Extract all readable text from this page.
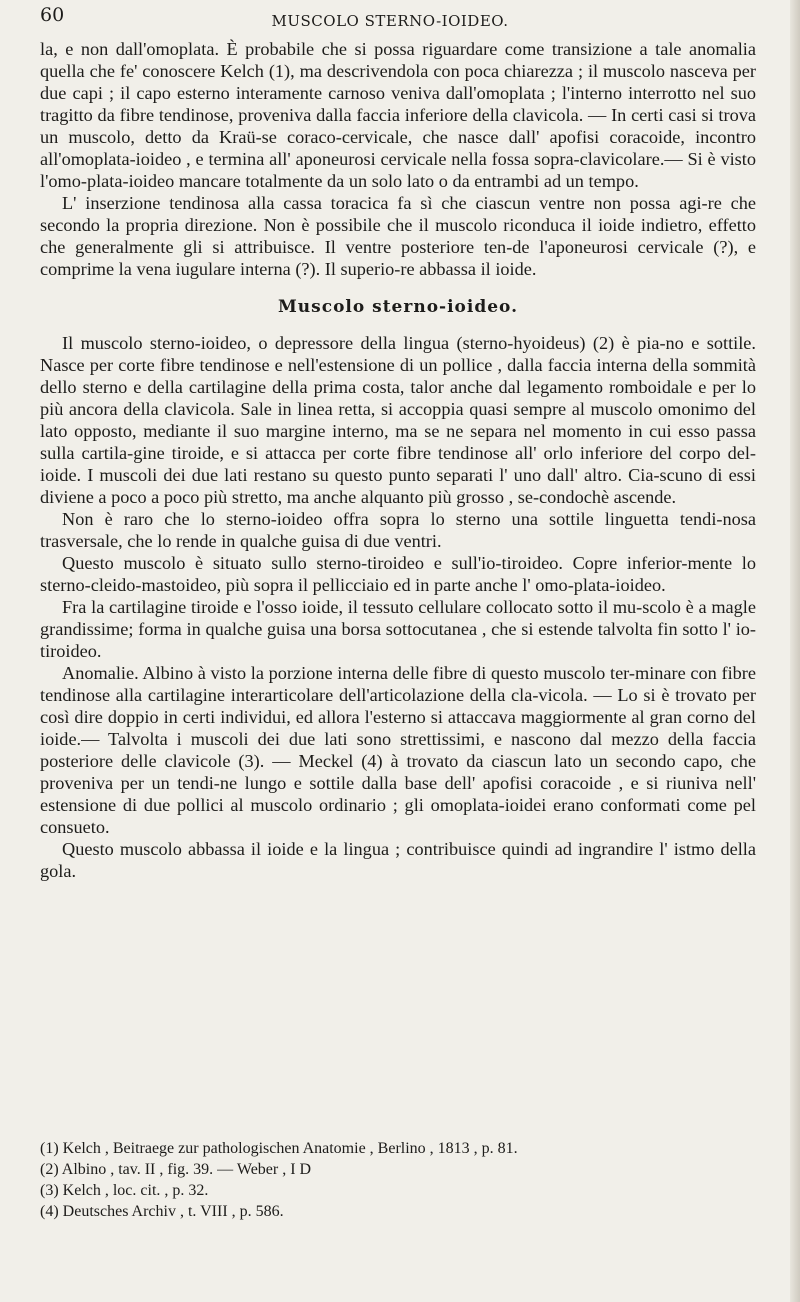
60	MUSCOLO STERNO-IOIDEO.

la, e non dall'omoplata. È probabile che si possa riguardare come transizione a tale anomalia quella che fe' conoscere Kelch (1), ma descrivendola con poca chiarezza ; il muscolo nasceva per due capi ; il capo esterno interamente carnoso veniva dall'omoplata ; l'interno interrotto nel suo tragitto da fibre tendinose, proveniva dalla faccia inferiore della clavicola. — In certi casi si trova un muscolo, detto da Kraü-se coraco-cervicale, che nasce dall' apofisi coracoide, incontro all'omoplata-ioideo , e termina all' aponeurosi cervicale nella fossa sopra-clavicolare.— Si è visto l'omo-plata-ioideo mancare totalmente da un solo lato o da entrambi ad un tempo.

L' inserzione tendinosa alla cassa toracica fa sì che ciascun ventre non possa agi-re che secondo la propria direzione. Non è possibile che il muscolo riconduca il ioide indietro, effetto che generalmente gli si attribuisce. Il ventre posteriore ten-de l'aponeurosi cervicale (?), e comprime la vena iugulare interna (?). Il superio-re abbassa il ioide.

Muscolo sterno-ioideo.

Il muscolo sterno-ioideo, o depressore della lingua (sterno-hyoideus) (2) è pia-no e sottile. Nasce per corte fibre tendinose e nell'estensione di un pollice , dalla faccia interna della sommità dello sterno e della cartilagine della prima costa, talor anche dal legamento romboidale e per lo più ancora della clavicola. Sale in linea retta, si accoppia quasi sempre al muscolo omonimo del lato opposto, mediante il suo margine interno, ma se ne separa nel momento in cui esso passa sulla cartila-gine tiroide, e si attacca per corte fibre tendinose all' orlo inferiore del corpo del-ioide. I muscoli dei due lati restano su questo punto separati l' uno dall' altro. Cia-scuno di essi diviene a poco a poco più stretto, ma anche alquanto più grosso , se-condochè ascende.

Non è raro che lo sterno-ioideo offra sopra lo sterno una sottile linguetta tendi-nosa trasversale, che lo rende in qualche guisa di due ventri.

Questo muscolo è situato sullo sterno-tiroideo e sull'io-tiroideo. Copre inferior-mente lo sterno-cleido-mastoideo, più sopra il pellicciaio ed in parte anche l' omo-plata-ioideo.

Fra la cartilagine tiroide e l'osso ioide, il tessuto cellulare collocato sotto il mu-scolo è a magle grandissime; forma in qualche guisa una borsa sottocutanea , che si estende talvolta fin sotto l' io-tiroideo.

Anomalie. Albino à visto la porzione interna delle fibre di questo muscolo ter-minare con fibre tendinose alla cartilagine interarticolare dell'articolazione della cla-vicola. — Lo si è trovato per così dire doppio in certi individui, ed allora l'esterno si attaccava maggiormente al gran corno del ioide.— Talvolta i muscoli dei due lati sono strettissimi, e nascono dal mezzo della faccia posteriore delle clavicole (3). — Meckel (4) à trovato da ciascun lato un secondo capo, che proveniva per un tendi-ne lungo e sottile dalla base dell' apofisi coracoide , e si riuniva nell' estensione di due pollici al muscolo ordinario ; gli omoplata-ioidei erano conformati come pel consueto.

Questo muscolo abbassa il ioide e la lingua ; contribuisce quindi ad ingrandire l' istmo della gola.

(1) Kelch , Beitraege zur pathologischen Anatomie , Berlino , 1813 , p. 81.
(2) Albino , tav. II , fig. 39. — Weber , I D
(3) Kelch , loc. cit. , p. 32.
(4) Deutsches Archiv , t. VIII , p. 586.
